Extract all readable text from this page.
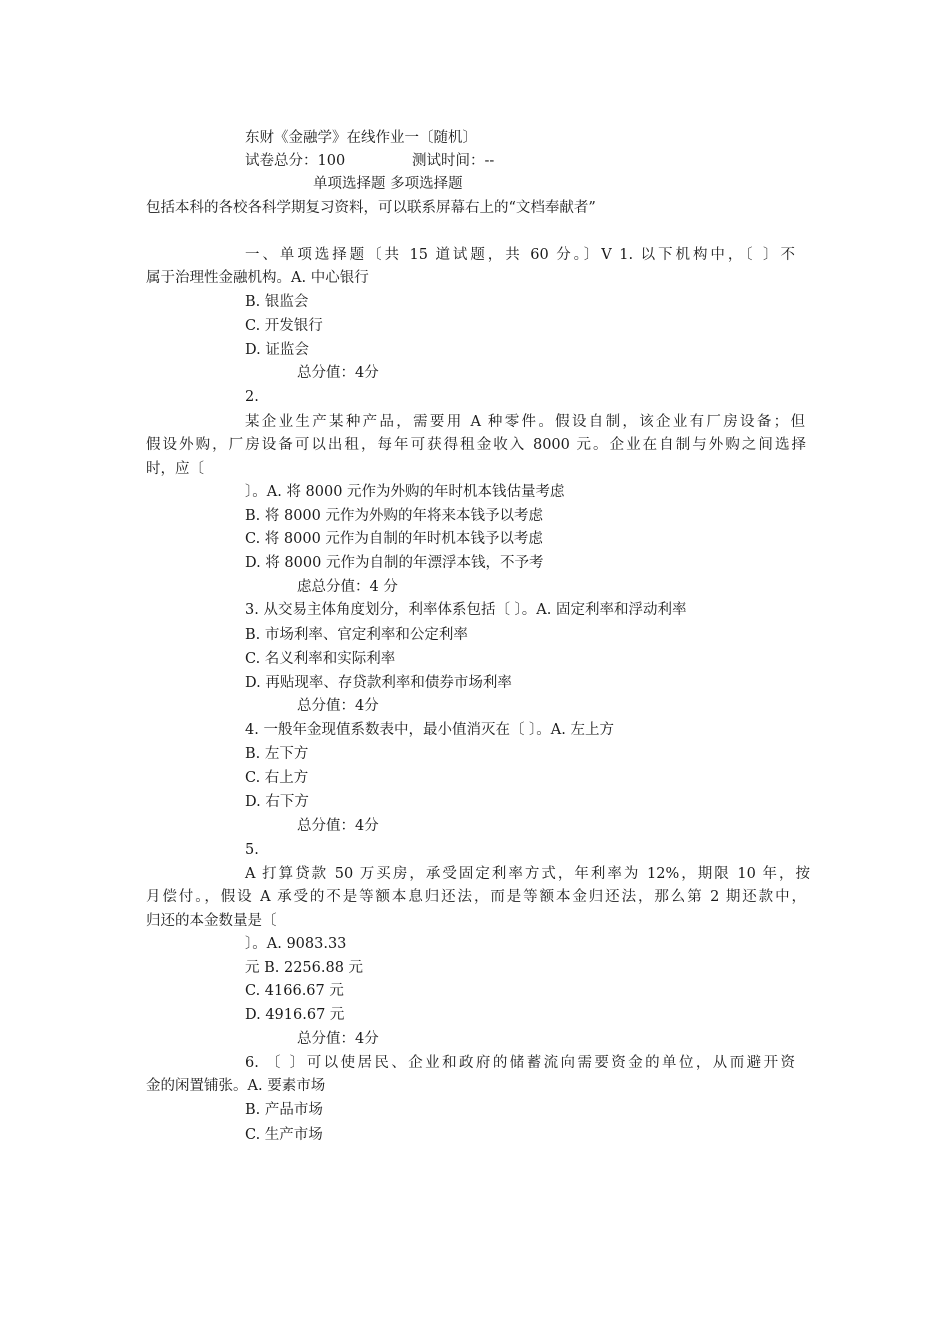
东财《金融学》在线作业一〔随机〕
试卷总分：100	测试时间：--
单项选择题 多项选择题
包括本科的各校各科学期复习资料，可以联系屏幕右上的“文档奉献者”
一、单项选择题〔共 15 道试题，共 60 分。〕V 1. 以下机构中，〔 〕不
属于治理性金融机构。A. 中心银行
B. 银监会
C. 开发银行
D. 证监会
总分值：4分
2.
某企业生产某种产品，需要用 A 种零件。假设自制，该企业有厂房设备；但
假设外购，厂房设备可以出租，每年可获得租金收入 8000 元。企业在自制与外购之间选择
时，应〔
〕。A. 将 8000 元作为外购的年时机本钱估量考虑
B. 将 8000 元作为外购的年将来本钱予以考虑
C. 将 8000 元作为自制的年时机本钱予以考虑
D. 将 8000 元作为自制的年漂浮本钱，不予考
虑总分值：4 分
3. 从交易主体角度划分，利率体系包括〔 〕。A. 固定利率和浮动利率
B. 市场利率、官定利率和公定利率
C. 名义利率和实际利率
D. 再贴现率、存贷款利率和债券市场利率
总分值：4分
4. 一般年金现值系数表中，最小值消灭在〔 〕。A. 左上方
B. 左下方
C. 右上方
D. 右下方
总分值：4分
5.
A 打算贷款 50 万买房，承受固定利率方式，年利率为 12%，期限 10 年，按
月偿付。，假设 A 承受的不是等额本息归还法，而是等额本金归还法，那么第 2 期还款中，
归还的本金数量是〔
〕。A. 9083.33
元 B. 2256.88 元
C. 4166.67 元
D. 4916.67 元
总分值：4分
6. 〔 〕可以使居民、企业和政府的储蓄流向需要资金的单位，从而避开资
金的闲置铺张。A. 要素市场
B. 产品市场
C. 生产市场
